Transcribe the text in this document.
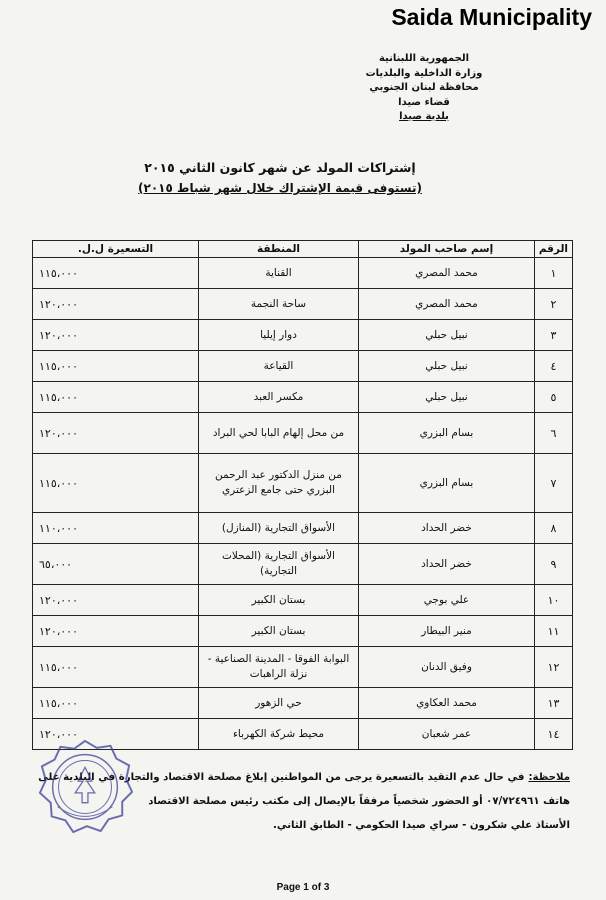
Saida Municipality
الجمهورية اللبنانية
وزارة الداخلية والبلديات
محافظة لبنان الجنوبي
قضاء صيدا
بلدية صيدا
إشتراكات المولد عن شهر كانون الثاني ٢٠١٥
(تستوفى قيمة الإشتراك خلال شهر شباط ٢٠١٥)
الرقم	إسم صاحب المولد	المنطقة	التسعيرة ل.ل.
١	محمد المصري	القناية	١١٥،٠٠٠
٢	محمد المصري	ساحة النجمة	١٢٠،٠٠٠
٣	نبيل حبلي	دوار إيليا	١٢٠،٠٠٠
٤	نبيل حبلي	القياعة	١١٥،٠٠٠
٥	نبيل حبلي	مكسر العبد	١١٥،٠٠٠
٦	بسام البزري	من محل إلهام البابا لحي البراد	١٢٠،٠٠٠
٧	بسام البزري	من منزل الدكتور عبد الرحمن البزري حتى جامع الزعتري	١١٥،٠٠٠
٨	خضر الحداد	الأسواق التجارية (المنازل)	١١٠،٠٠٠
٩	خضر الحداد	الأسواق التجارية (المحلات التجارية)	٦٥،٠٠٠
١٠	علي بوجي	بستان الكبير	١٢٠،٠٠٠
١١	منير البيطار	بستان الكبير	١٢٠،٠٠٠
١٢	وفيق الدنان	البوابة الفوقا - المدينة الصناعية - نزلة الراهبات	١١٥،٠٠٠
١٣	محمد العكاوي	حي الزهور	١١٥،٠٠٠
١٤	عمر شعبان	محيط شركة الكهرباء	١٢٠،٠٠٠
ملاحظة:في حال عدم التقيد بالتسعيرة يرجى من المواطنين إبلاغ مصلحة الاقتصاد والتجارة في البلدية على
هاتف ٠٧/٧٢٤٩٦١ أو الحضور شخصياً مرفقاً بالإيصال إلى مكتب رئيس مصلحة الاقتصاد
الأستاذ علي شكرون - سراي صيدا الحكومي - الطابق الثاني.
Page 1 of 3
